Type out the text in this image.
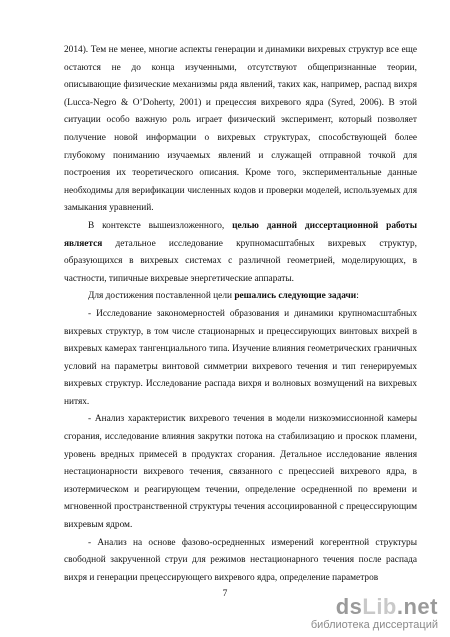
2014). Тем не менее, многие аспекты генерации и динамики вихревых структур все еще остаются не до конца изученными, отсутствуют общепризнанные теории, описывающие физические механизмы ряда явлений, таких как, например, распад вихря (Lucca-Negro & O’Doherty, 2001) и прецессия вихревого ядра (Syred, 2006). В этой ситуации особо важную роль играет физический эксперимент, который позволяет получение новой информации о вихревых структурах, способствующей более глубокому пониманию изучаемых явлений и служащей отправной точкой для построения их теоретического описания. Кроме того, экспериментальные данные необходимы для верификации численных кодов и проверки моделей, используемых для замыкания уравнений.

В контексте вышеизложенного, целью данной диссертационной работы является детальное исследование крупномасштабных вихревых структур, образующихся в вихревых системах с различной геометрией, моделирующих, в частности, типичные вихревые энергетические аппараты.

Для достижения поставленной цели решались следующие задачи:

- Исследование закономерностей образования и динамики крупномасштабных вихревых структур, в том числе стационарных и прецессирующих винтовых вихрей в вихревых камерах тангенциального типа. Изучение влияния геометрических граничных условий на параметры винтовой симметрии вихревого течения и тип генерируемых вихревых структур. Исследование распада вихря и волновых возмущений на вихревых нитях.

- Анализ характеристик вихревого течения в модели низкоэмиссионной камеры сгорания, исследование влияния закрутки потока на стабилизацию и проскок пламени, уровень вредных примесей в продуктах сгорания. Детальное исследование явления нестационарности вихревого течения, связанного с прецессией вихревого ядра, в изотермическом и реагирующем течении, определение осредненной по времени и мгновенной пространственной структуры течения ассоциированной с прецессирующим вихревым ядром.

- Анализ на основе фазово-осредненных измерений когерентной структуры свободной закрученной струи для режимов нестационарного течения после распада вихря и генерации прецессирующего вихревого ядра, определение параметров

7	dsLib.net
библиотека диссертаций
